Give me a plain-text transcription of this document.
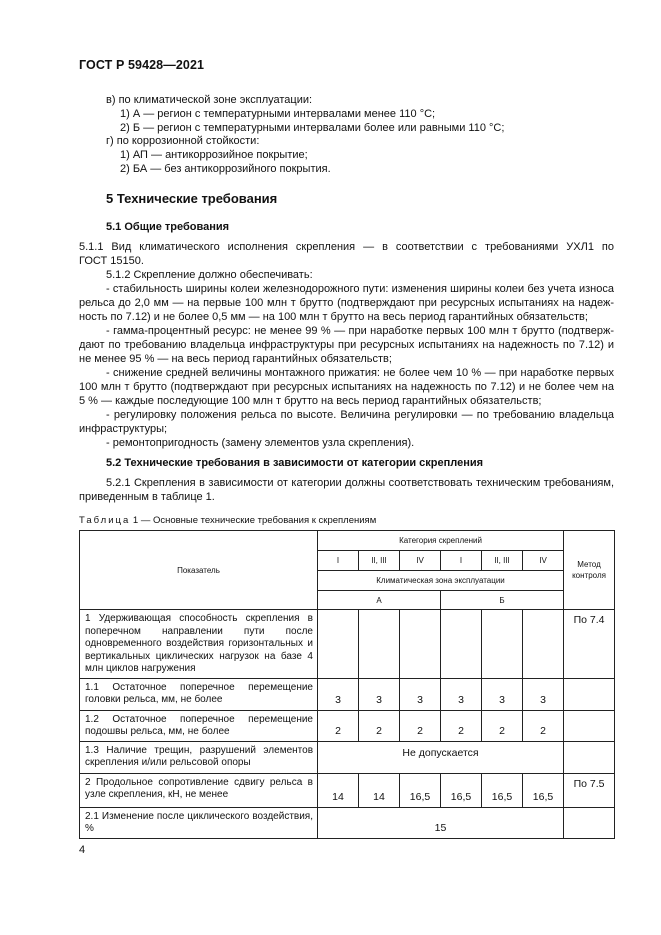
ГОСТ Р 59428—2021
в) по климатической зоне эксплуатации:
1) А — регион с температурными интервалами менее 110 °С;
2) Б — регион с температурными интервалами более или равными 110 °С;
г) по коррозионной стойкости:
1) АП — антикоррозийное покрытие;
2) БА — без антикоррозийного покрытия.
5 Технические требования
5.1 Общие требования
5.1.1 Вид климатического исполнения скрепления — в соответствии с требованиями УХЛ1 по
ГОСТ 15150.
5.1.2 Скрепление должно обеспечивать:
- стабильность ширины колеи железнодорожного пути: изменения ширины колеи без учета износа
рельса до 2,0 мм — на первые 100 млн т брутто (подтверждают при ресурсных испытаниях на надеж-
ность по 7.12) и не более 0,5 мм — на 100 млн т брутто на весь период гарантийных обязательств;
- гамма-процентный ресурс: не менее 99 % — при наработке первых 100 млн т брутто (подтверж-
дают по требованию владельца инфраструктуры при ресурсных испытаниях на надежность по 7.12) и
не менее 95 % — на весь период гарантийных обязательств;
- снижение средней величины монтажного прижатия: не более чем 10 % — при наработке первых
100 млн т брутто (подтверждают при ресурсных испытаниях на надежность по 7.12) и не более чем на
5 % — каждые последующие 100 млн т брутто на весь период гарантийных обязательств;
- регулировку положения рельса по высоте. Величина регулировки — по требованию владельца
инфраструктуры;
- ремонтопригодность (замену элементов узла скрепления).
5.2 Технические требования в зависимости от категории скрепления
5.2.1 Скрепления в зависимости от категории должны соответствовать техническим требованиям,
приведенным в таблице 1.
Таблица 1 — Основные технические требования к скреплениям
Показатель	Категория скреплений						Метод контроля
	I	II, III	IV	I	II, III	IV	
	Климатическая зона эксплуатации						
	А			Б			
1 Удерживающая способность скрепления в поперечном направлении пути после одновременного воздействия горизонтальных и вертикальных циклических нагрузок на базе 4 млн циклов нагружения							По 7.4
1.1 Остаточное поперечное перемещение головки рельса, мм, не более	3	3	3	3	3	3	
1.2 Остаточное поперечное перемещение подошвы рельса, мм, не более	2	2	2	2	2	2	
1.3 Наличие трещин, разрушений элементов скрепления и/или рельсовой опоры	Не допускается						
2 Продольное сопротивление сдвигу рельса в узле скрепления, кН, не менее	14	14	16,5	16,5	16,5	16,5	По 7.5
2.1 Изменение после циклического воздействия, %	15						
4
